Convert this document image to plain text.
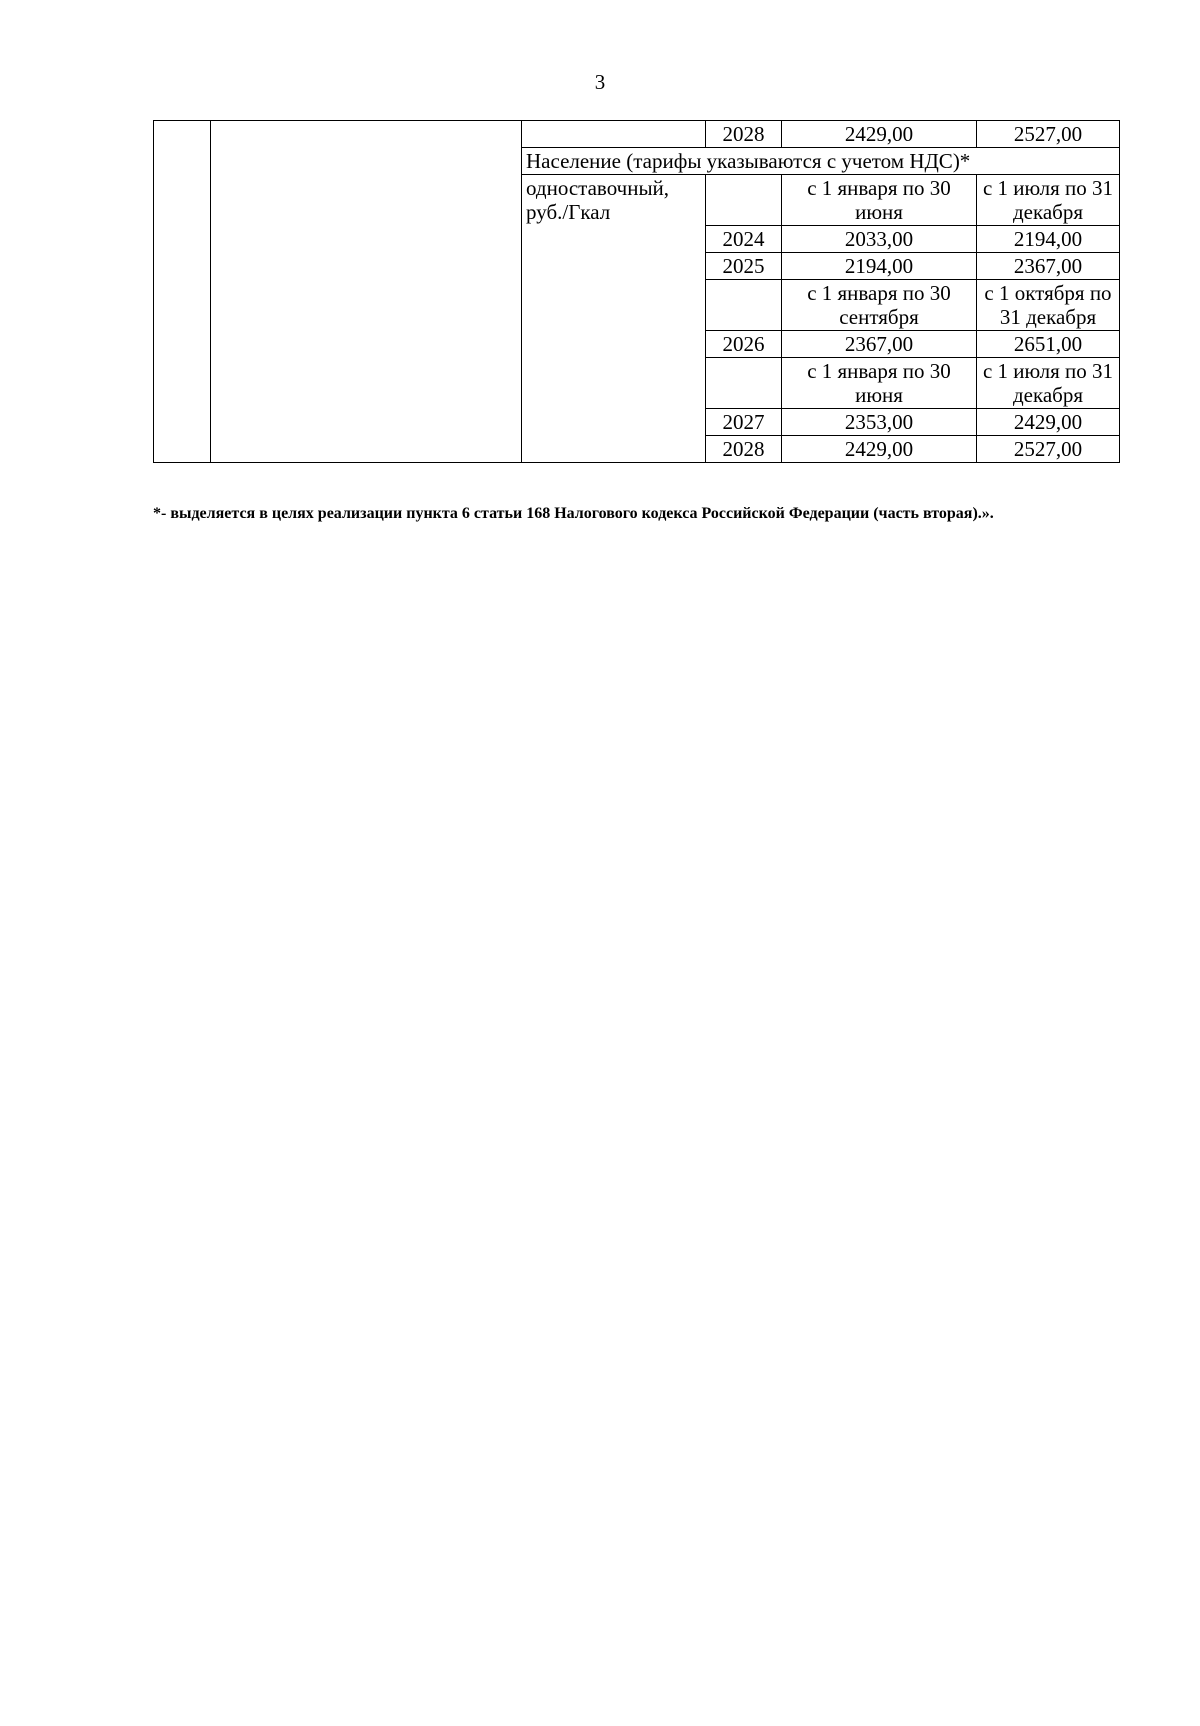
3
			2028	2429,00	2527,00
		Население (тарифы указываются с учетом НДС)*			
		одноставочный, руб./Гкал		с 1 января по 30 июня	с 1 июля по 31 декабря
			2024	2033,00	2194,00
			2025	2194,00	2367,00
				с 1 января по 30 сентября	с 1 октября по 31 декабря
			2026	2367,00	2651,00
				с 1 января по 30 июня	с 1 июля по 31 декабря
			2027	2353,00	2429,00
			2028	2429,00	2527,00
*- выделяется в целях реализации пункта 6 статьи 168 Налогового кодекса Российской Федерации (часть вторая).».
